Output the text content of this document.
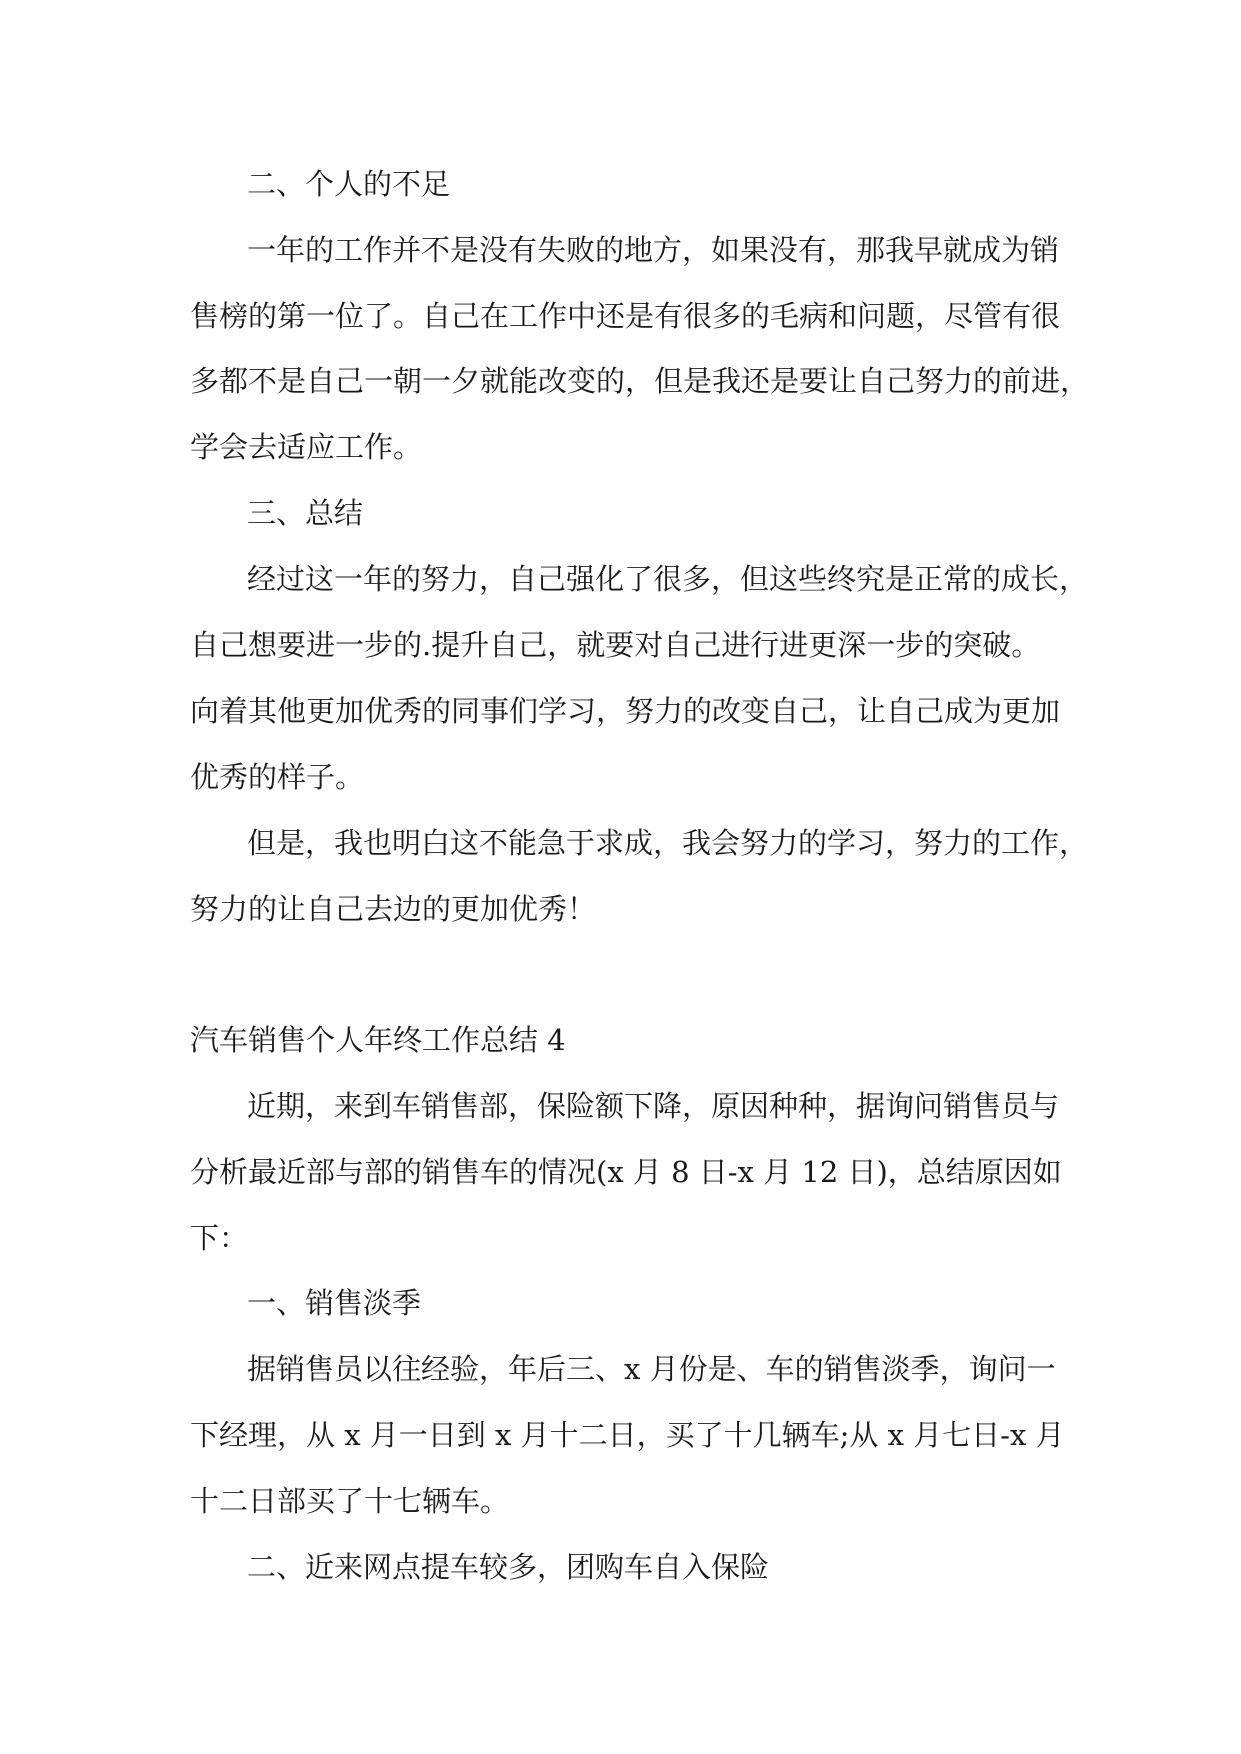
二、个人的不足
一年的工作并不是没有失败的地方，如果没有，那我早就成为销
售榜的第一位了。自己在工作中还是有很多的毛病和问题，尽管有很
多都不是自己一朝一夕就能改变的，但是我还是要让自己努力的前进，
学会去适应工作。
三、总结
经过这一年的努力，自己强化了很多，但这些终究是正常的成长，
自己想要进一步的.提升自己，就要对自己进行进更深一步的突破。
向着其他更加优秀的同事们学习，努力的改变自己，让自己成为更加
优秀的样子。
但是，我也明白这不能急于求成，我会努力的学习，努力的工作，
努力的让自己去边的更加优秀！
汽车销售个人年终工作总结 4
近期，来到车销售部，保险额下降，原因种种，据询问销售员与
分析最近部与部的销售车的情况(x 月 8 日-x 月 12 日)，总结原因如
下：
一、销售淡季
据销售员以往经验，年后三、x 月份是、车的销售淡季，询问一
下经理，从 x 月一日到 x 月十二日，买了十几辆车;从 x 月七日-x 月
十二日部买了十七辆车。
二、近来网点提车较多，团购车自入保险
